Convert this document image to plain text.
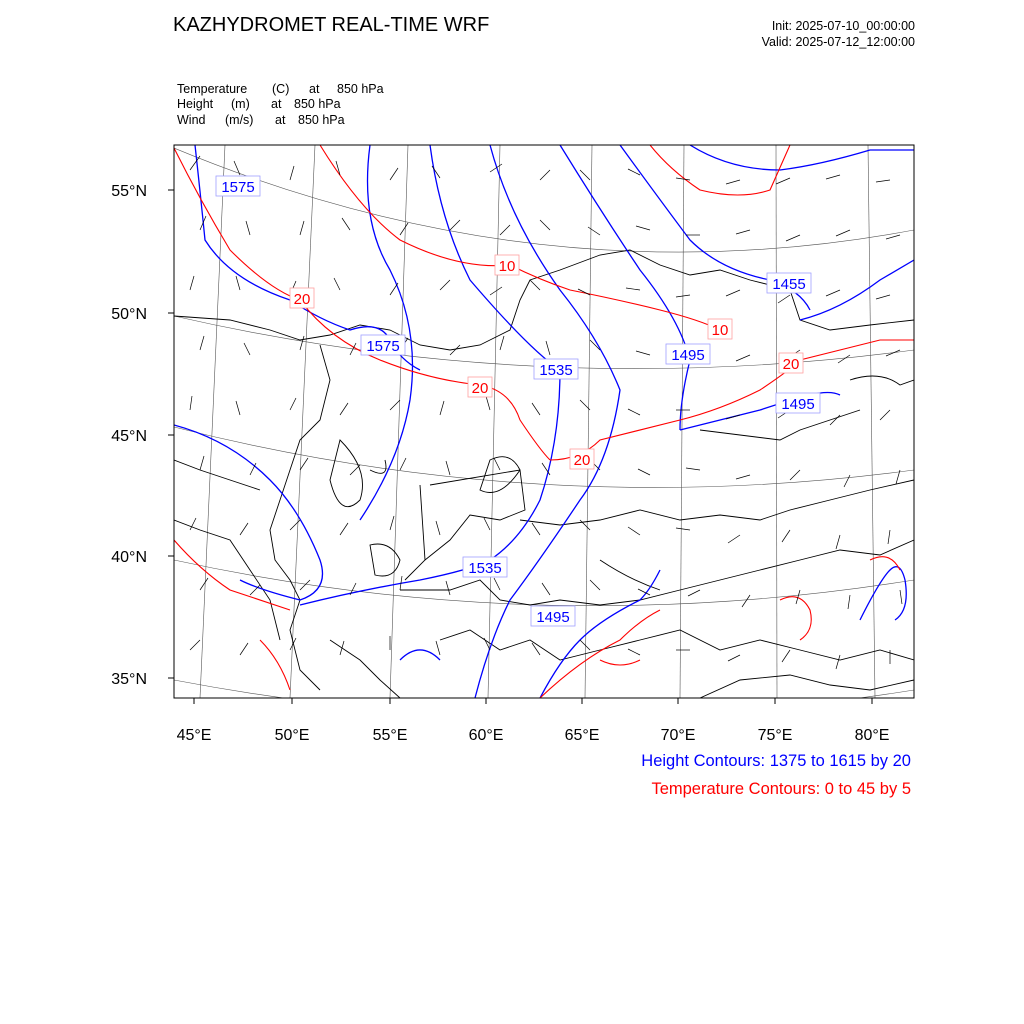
KAZHYDROMET REAL-TIME WRF	Init: 2025-07-10_00:00:00
Valid: 2025-07-12_12:00:00
Temperature (C) at 850 hPa
Height (m) at 850 hPa
Wind (m/s) at 850 hPa
55°N
50°N
45°N
40°N
35°N
45°E	50°E	55°E	60°E	65°E	70°E	75°E	80°E
1575
1575
1535
1535
1495
1495
1495
1455
10
10
20
20
20
20
Height Contours: 1375 to 1615 by 20
Temperature Contours: 0 to 45 by 5
